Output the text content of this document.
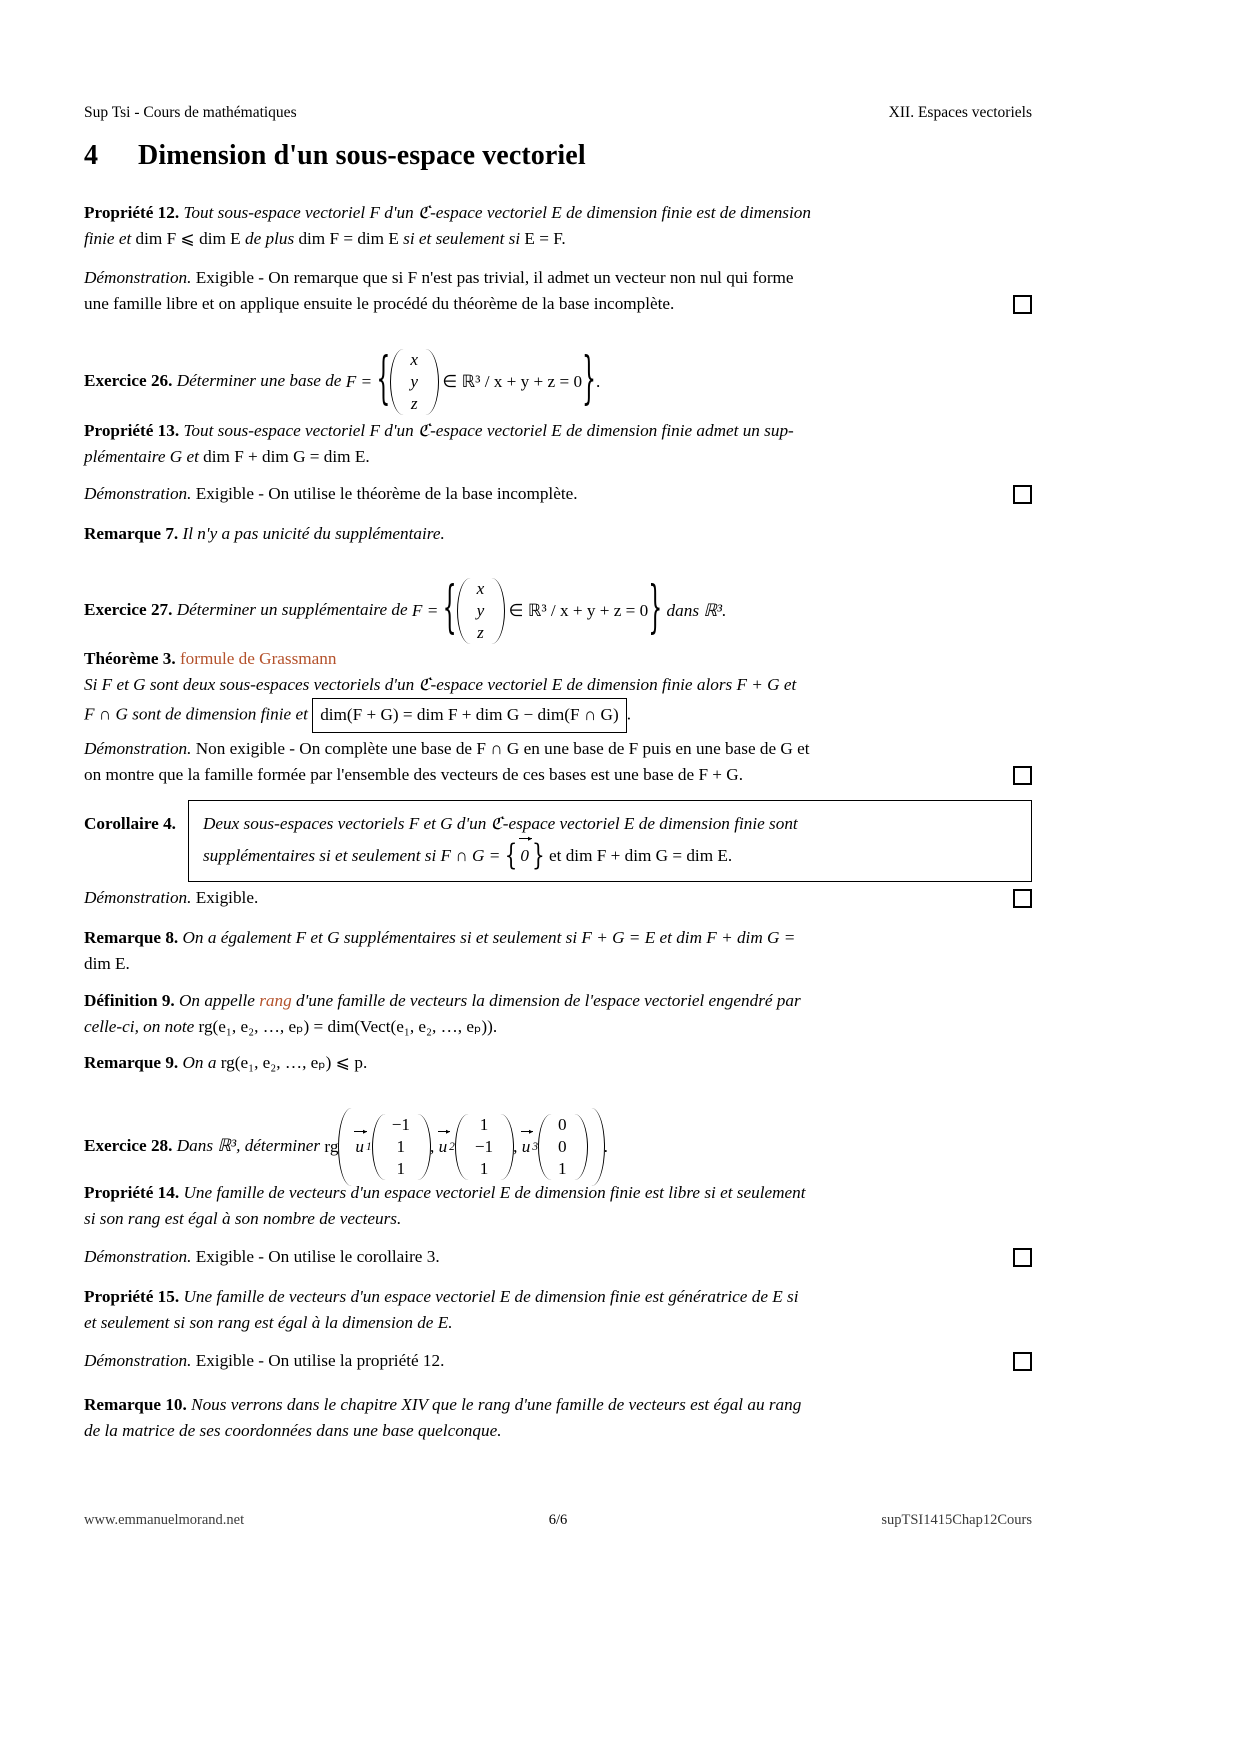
Sup Tsi - Cours de mathématiques	XII. Espaces vectoriels
4 Dimension d'un sous-espace vectoriel
Propriété 12. Tout sous-espace vectoriel F d'un ℭ-espace vectoriel E de dimension finie est de dimension
finie et dim F ⩽ dim E de plus dim F = dim E si et seulement si E = F.
Démonstration. Exigible - On remarque que si F n'est pas trivial, il admet un vecteur non nul qui forme
une famille libre et on applique ensuite le procédé du théorème de la base incomplète.
Exercice 26. Déterminer une base de F =
{ x
y
z

∈ ℝ³ / x + y + z = 0 } .
Propriété 13. Tout sous-espace vectoriel F d'un ℭ-espace vectoriel E de dimension finie admet un sup-
plémentaire G et dim F + dim G = dim E.
Démonstration. Exigible - On utilise le théorème de la base incomplète.
Remarque 7. Il n'y a pas unicité du supplémentaire.
Exercice 27. Déterminer un supplémentaire de F =
{ x
y
z

∈ ℝ³ / x + y + z = 0 }
dans ℝ³.
Théorème 3. formule de Grassmann
Si F et G sont deux sous-espaces vectoriels d'un ℭ-espace vectoriel E de dimension finie alors F + G et
F ∩ G sont de dimension finie et dim(F + G) = dim F + dim G − dim(F ∩ G) .
Démonstration. Non exigible - On complète une base de F ∩ G en une base de F puis en une base de G et
on montre que la famille formée par l'ensemble des vecteurs de ces bases est une base de F + G.
Corollaire 4. Deux sous-espaces vectoriels F et G d'un ℭ-espace vectoriel E de dimension finie sont
supplémentaires si et seulement si F ∩ G =
{ 0 }
et dim F + dim G = dim E.
Démonstration. Exigible.
Remarque 8. On a également F et G supplémentaires si et seulement si F + G = E et dim F + dim G =
dim E.
Définition 9. On appelle rang d'une famille de vecteurs la dimension de l'espace vectoriel engendré par
celle-ci, on note rg(e₁, e₂, …, eₚ) = dim(Vect(e₁, e₂, …, eₚ)).
Remarque 9. On a rg(e₁, e₂, …, eₚ) ⩽ p.
Exercice 28. Dans ℝ³, déterminer rg u 1
−1
1
1
, u 2
1
−1
1
, u 3
0
0
1
.
Propriété 14. Une famille de vecteurs d'un espace vectoriel E de dimension finie est libre si et seulement
si son rang est égal à son nombre de vecteurs.
Démonstration. Exigible - On utilise le corollaire 3.
Propriété 15. Une famille de vecteurs d'un espace vectoriel E de dimension finie est génératrice de E si
et seulement si son rang est égal à la dimension de E.
Démonstration. Exigible - On utilise la propriété 12.
Remarque 10. Nous verrons dans le chapitre XIV que le rang d'une famille de vecteurs est égal au rang
de la matrice de ses coordonnées dans une base quelconque.
www.emmanuelmorand.net	6/6	supTSI1415Chap12Cours
